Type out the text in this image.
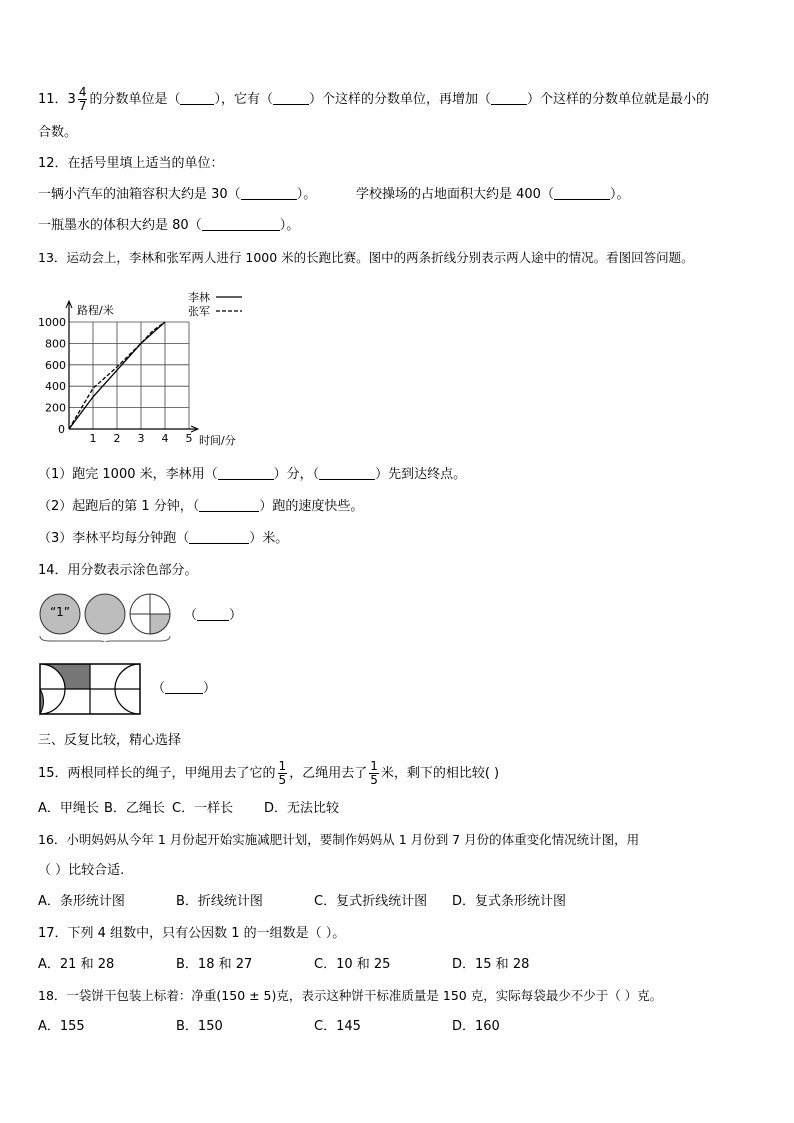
11．$3 \frac{4}{7}$ 的分数单位是（	），它有（	）个这样的分数单位，再增加（	）个这样的分数单位就是最小的
合数。
12．在括号里填上适当的单位：
一辆小汽车的油箱容积大约是 30（	）。	学校操场的占地面积大约是 400（	）。
一瓶墨水的体积大约是 80（	）。
13．运动会上，李林和张军两人进行 1000 米的长跑比赛。图中的两条折线分别表示两人途中的情况。看图回答问题。
路程/米
时间/分
1 2 3 4 5
200
400
600
800
1000
0
李林
张军
（1）跑完 1000 米，李林用（	）分，（	）先到达终点。
（2）起跑后的第 1 分钟，（	）跑的速度快些。
（3）李林平均每分钟跑（	）米。
14．用分数表示涂色部分。
“1”	（ ）
（	）
三、反复比较，精心选择
15．两根同样长的绳子，甲绳用去了它的 $\frac{1}{5}$ ，乙绳用去了 $\frac{1}{5}$ 米，剩下的相比较( )
A．甲绳长 B．乙绳长 C．一样长 D．无法比较
16．小明妈妈从今年 1 月份起开始实施减肥计划，要制作妈妈从 1 月份到 7 月份的体重变化情况统计图，用
（ ）比较合适.
A．条形统计图	B．折线统计图	C．复式折线统计图 D．复式条形统计图
17．下列 4 组数中，只有公因数 1 的一组数是（ ）。
A．21 和 28	B．18 和 27	C．10 和 25	D．15 和 28
18．一袋饼干包装上标着：净重(150 ± 5)克，表示这种饼干标准质量是 150 克，实际每袋最少不少于（ ）克。
A．155	B．150	C．145	D．160
